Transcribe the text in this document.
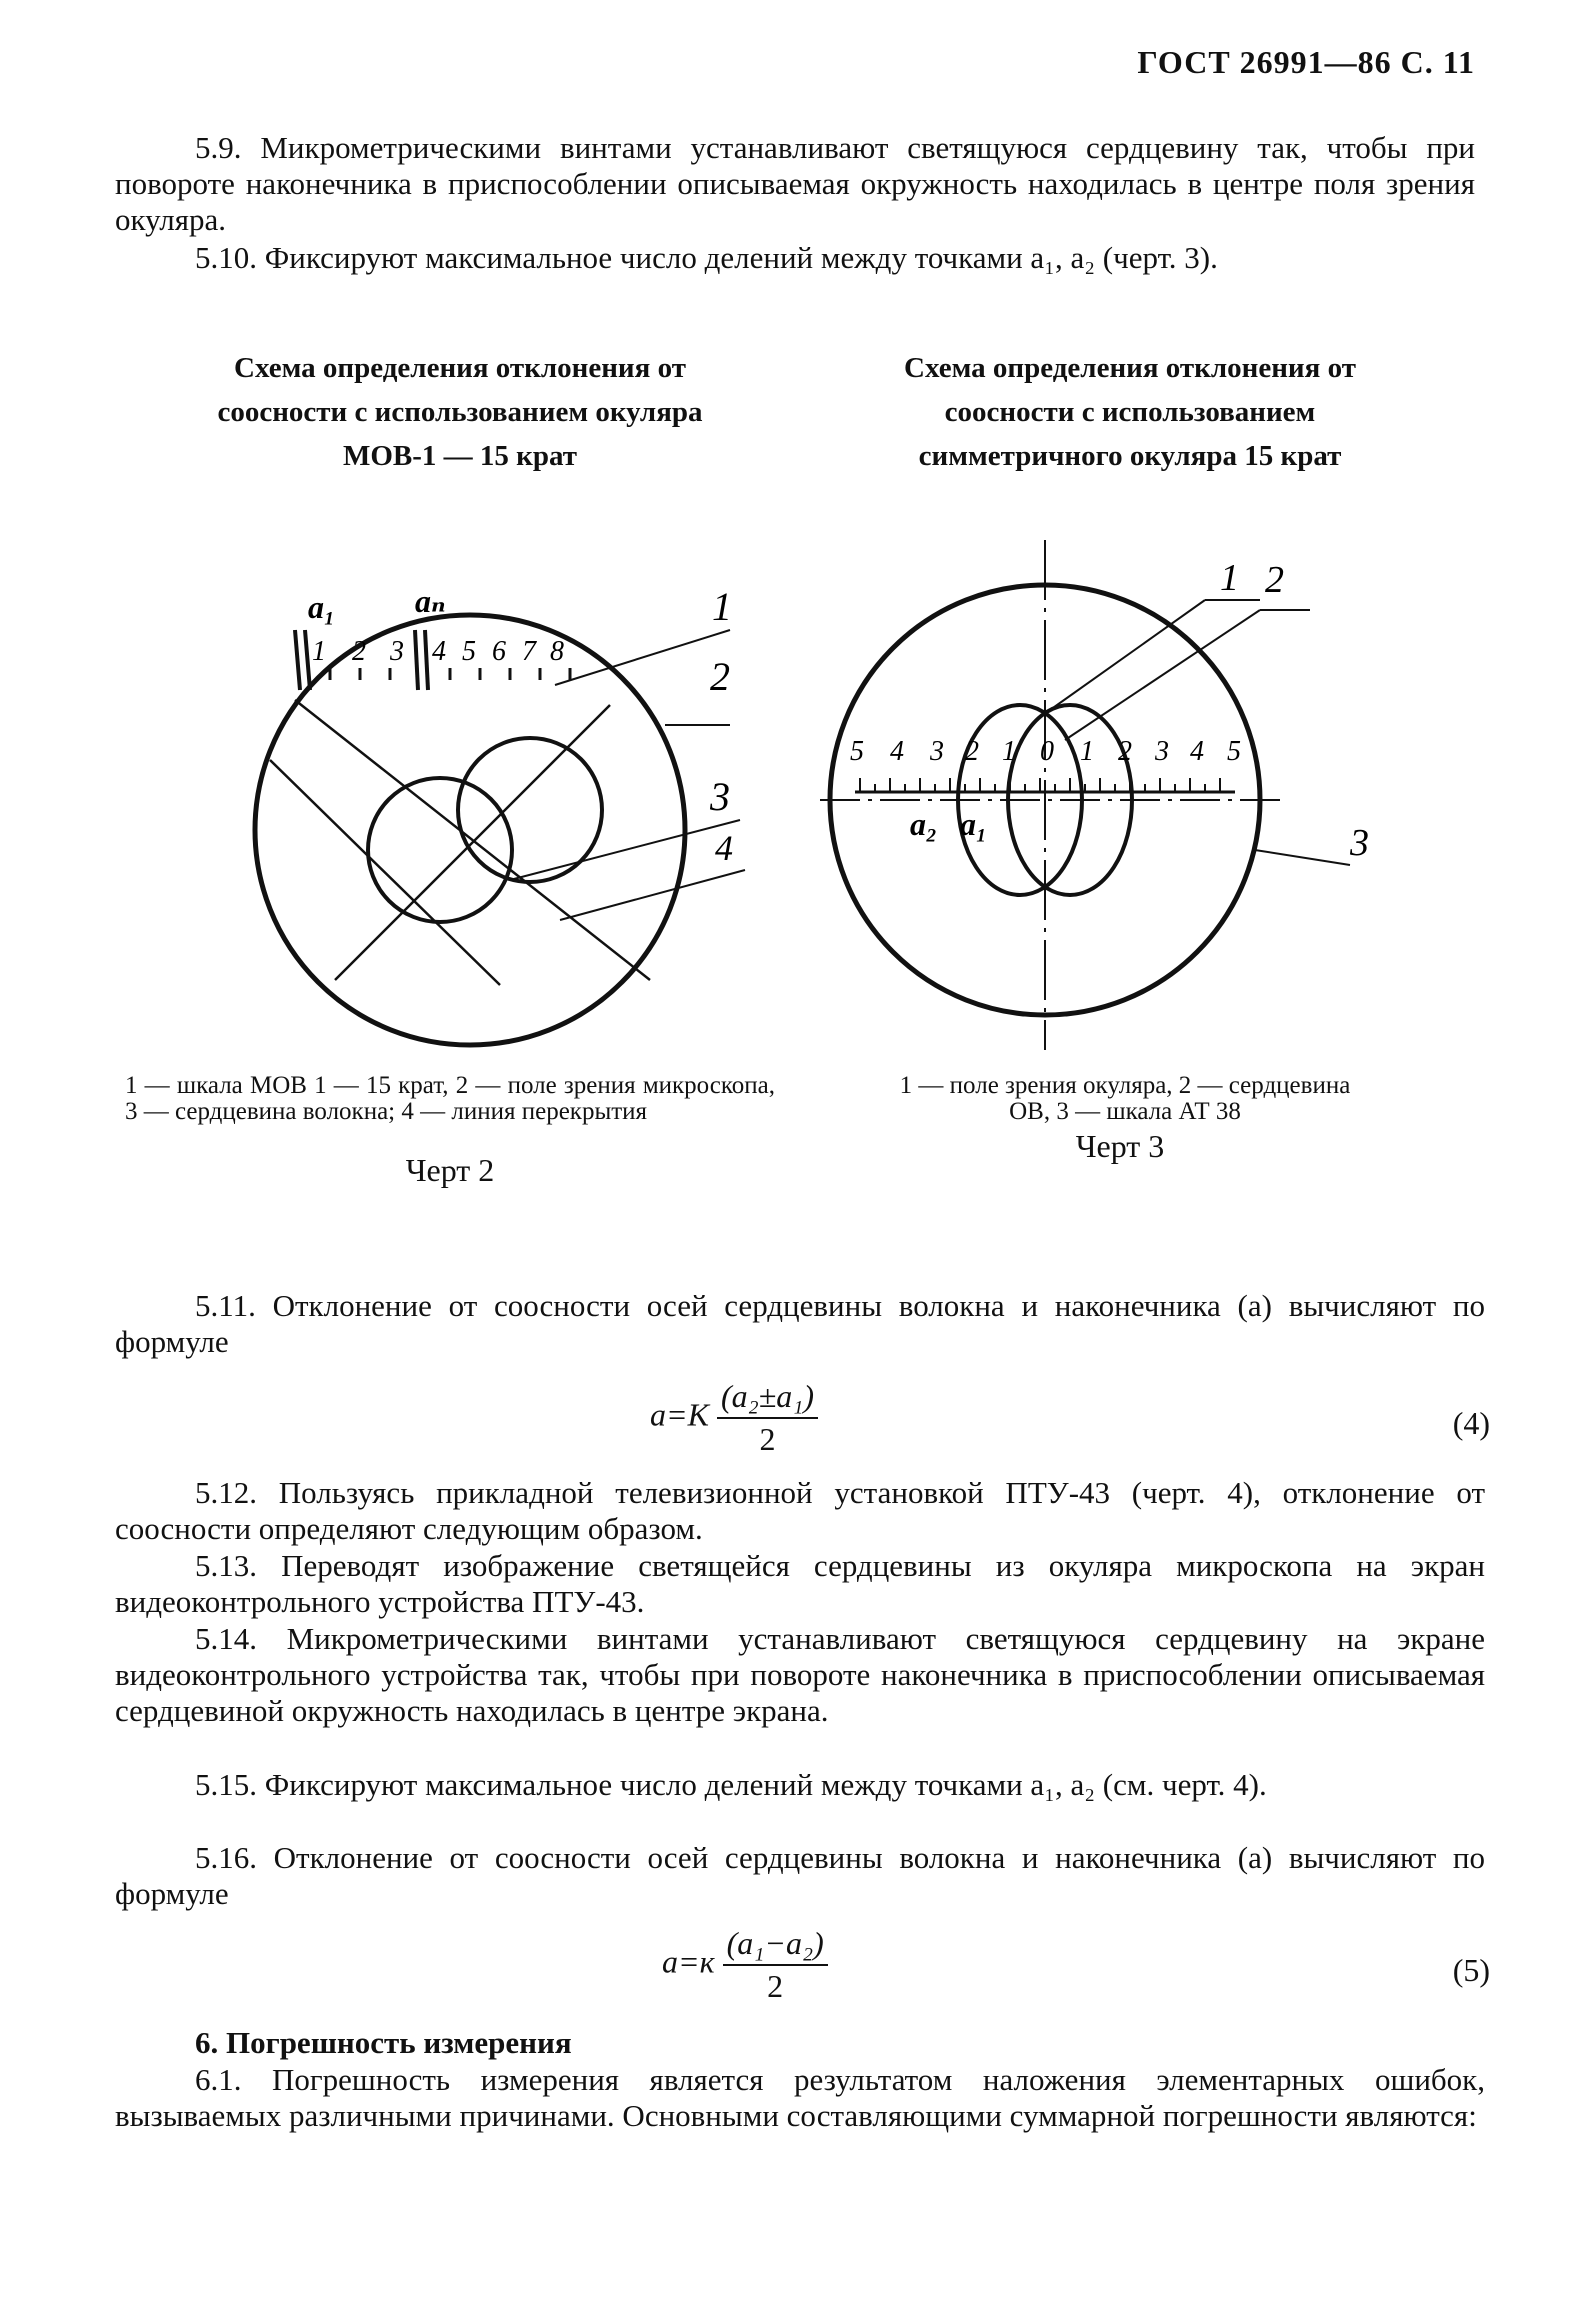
ГОСТ 26991—86 С. 11

5.9. Микрометрическими винтами устанавливают светящуюся сердцевину так, чтобы при повороте наконечника в приспособлении описываемая окружность находилась в центре поля зрения окуляра.

5.10. Фиксируют максимальное число делений между точками a₁, a₂ (черт. 3).

Схема определения отклонения от
соосности с использованием окуляра
МОВ-1 — 15 крат
Схема определения отклонения от
соосности с использованием
симметричного окуляра 15 крат
1 2 3 4 5 6 7 8
a₁ aₙ	1
2
3
4
5 4 3 2 1 0 1 2 3 4 5
a₂ a₁
1 2
3

1 — шкала МОВ 1 — 15 крат, 2 — поле зрения микроскопа, 3 — сердцевина волокна; 4 — линия перекрытия

Черт 2
1 — поле зрения окуляра, 2 — сердцевина
ОВ, 3 — шкала АТ 38
Черт 3

5.11. Отклонение от соосности осей сердцевины волокна и наконечника (a) вычисляют по формуле

$a=K \frac{\text{(a₂±a₁)}}{2}$	(4)

5.12. Пользуясь прикладной телевизионной установкой ПТУ-43 (черт. 4), отклонение от соосности определяют следующим образом.

5.13. Переводят изображение светящейся сердцевины из окуляра микроскопа на экран видеоконтрольного устройства ПТУ-43.

5.14. Микрометрическими винтами устанавливают светящуюся сердцевину на экране видеоконтрольного устройства так, чтобы при повороте наконечника в приспособлении описываемая сердцевиной окружность находилась в центре экрана.

5.15. Фиксируют максимальное число делений между точками a₁, a₂ (см. черт. 4).

5.16. Отклонение от соосности осей сердцевины волокна и наконечника (a) вычисляют по формуле

$a=к \frac{\text{(a₁−a₂)}}{2}$	(5)
6. Погрешность измерения

6.1. Погрешность измерения является результатом наложения элементарных ошибок, вызываемых различными причинами. Основными составляющими суммарной погрешности являются:
